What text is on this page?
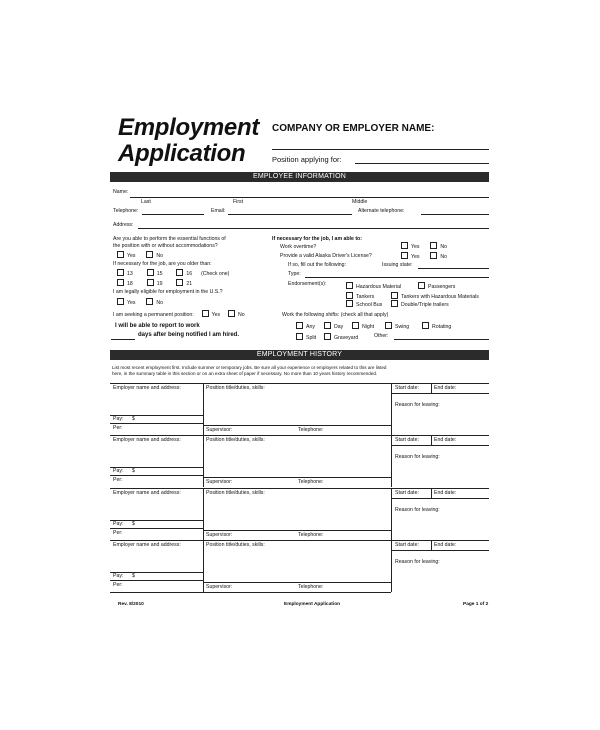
Employment
Application
COMPANY OR EMPLOYER NAME:
Position applying for:
EMPLOYEE INFORMATION
Name:
Last	First	Middle
Telephone:	Email:	Alternate telephone:
Address:
Are you able to perform the essential functions of
the position with or without accommodations?
Yes	No
If necessary for the job, are you older than:
13	15	16 (Check one)
18	19	21
I am legally eligible for employment in the U.S.?
Yes	No
I am seeking a permanent position:	Yes	No
I will be able to report to work
days after being notified I am hired.
If necessary for the job, I am able to:
Work overtime?	Yes	No
Provide a valid Alaska Driver's License?	Yes	No
If so, fill out the following:	Issuing state:
Type:
Endorsement(s):	Hazardous Material	Passengers
Tankers	Tankers with Hazardous Materials
School Bus	Double/Triple trailers
Work the following shifts: (check all that apply)
Any	Day	Night	Swing	Rotating
Split	Graveyard	Other:
EMPLOYMENT HISTORY
List most recent employment first. Include summer or temporary jobs. Be sure all your experience or employers related to this are listed
here, in the summary table in this section or on an extra sheet of paper if necessary. No more than 10 years history recommended.
Employer name and address:	Position title/duties, skills:	Start date:	End date:
Reason for leaving:
Pay: $
Per:	Supervisor:	Telephone:
Employer name and address:	Position title/duties, skills:	Start date:	End date:
Reason for leaving:
Pay: $
Per:	Supervisor:	Telephone:
Employer name and address:	Position title/duties, skills:	Start date:	End date:
Reason for leaving:
Pay: $
Per:	Supervisor:	Telephone:
Employer name and address:	Position title/duties, skills:	Start date:	End date:
Reason for leaving:
Pay: $
Per:	Supervisor:	Telephone:
Rev. 8/2010	Employment Application	Page 1 of 2
